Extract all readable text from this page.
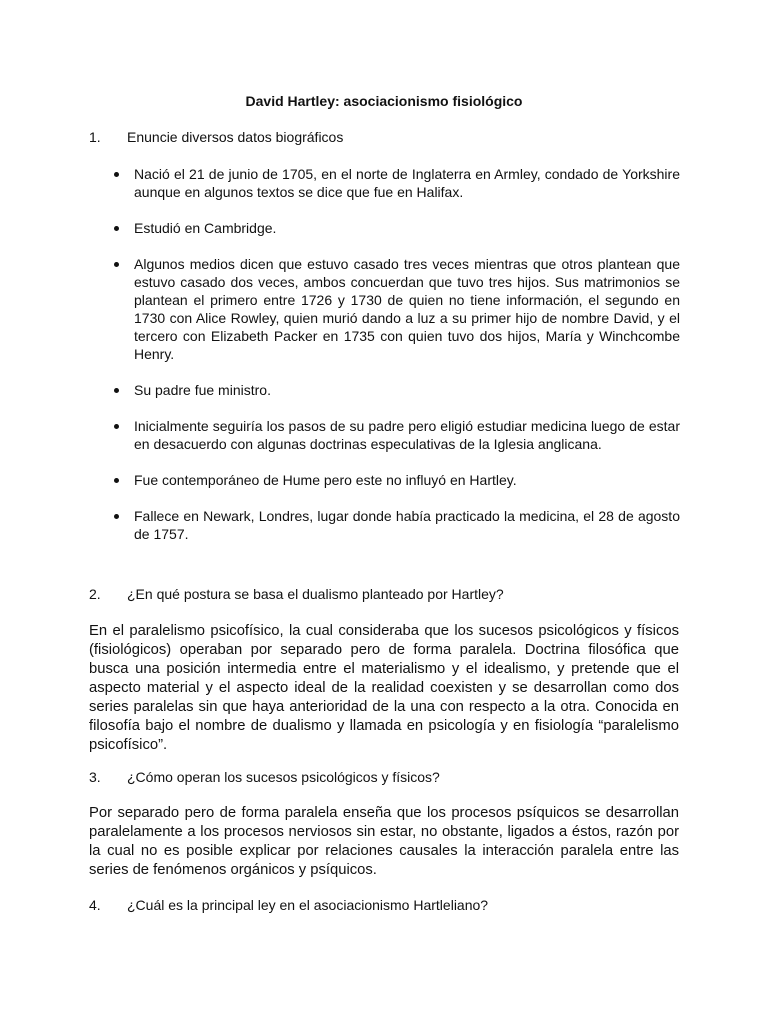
David Hartley: asociacionismo fisiológico
1. Enuncie diversos datos biográficos
Nació el 21 de junio de 1705, en el norte de Inglaterra en Armley, condado de Yorkshire aunque en algunos textos se dice que fue en Halifax.
Estudió en Cambridge.
Algunos medios dicen que estuvo casado tres veces mientras que otros plantean que estuvo casado dos veces, ambos concuerdan que tuvo tres hijos. Sus matrimonios se plantean el primero entre 1726 y 1730 de quien no tiene información, el segundo en 1730 con Alice Rowley, quien murió dando a luz a su primer hijo de nombre David, y el tercero con Elizabeth Packer en 1735 con quien tuvo dos hijos, María y Winchcombe Henry.
Su padre fue ministro.
Inicialmente seguiría los pasos de su padre pero eligió estudiar medicina luego de estar en desacuerdo con algunas doctrinas especulativas de la Iglesia anglicana.
Fue contemporáneo de Hume pero este no influyó en Hartley.
Fallece en Newark, Londres, lugar donde había practicado la medicina, el 28 de agosto de 1757.
2. ¿En qué postura se basa el dualismo planteado por Hartley?

En el paralelismo psicofísico, la cual consideraba que los sucesos psicológicos y físicos (fisiológicos) operaban por separado pero de forma paralela. Doctrina filosófica que busca una posición intermedia entre el materialismo y el idealismo, y pretende que el aspecto material y el aspecto ideal de la realidad coexisten y se desarrollan como dos series paralelas sin que haya anterioridad de la una con respecto a la otra. Conocida en filosofía bajo el nombre de dualismo y llamada en psicología y en fisiología “paralelismo psicofísico”.

3. ¿Cómo operan los sucesos psicológicos y físicos?

Por separado pero de forma paralela enseña que los procesos psíquicos se desarrollan paralelamente a los procesos nerviosos sin estar, no obstante, ligados a éstos, razón por la cual no es posible explicar por relaciones causales la interacción paralela entre las series de fenómenos orgánicos y psíquicos.

4. ¿Cuál es la principal ley en el asociacionismo Hartleliano?
